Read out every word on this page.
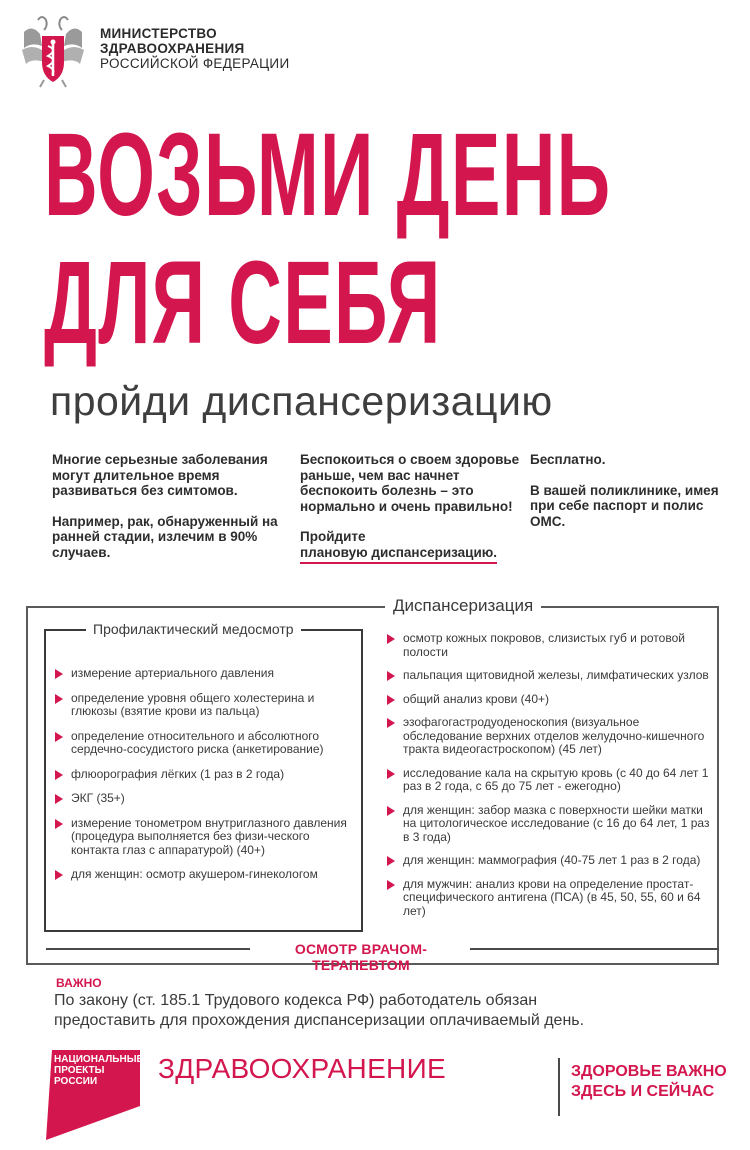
МИНИСТЕРСТВО
ЗДРАВООХРАНЕНИЯ
РОССИЙСКОЙ ФЕДЕРАЦИИ
ВОЗЬМИ ДЕНЬ
ДЛЯ СЕБЯ
пройди диспансеризацию

Многие серьезные заболевания могут длительное время развиваться без симтомов.

Например, рак, обнаруженный на ранней стадии, излечим в 90% случаев.

Беспокоиться о своем здоровье раньше, чем вас начнет беспокоить болезнь – это нормально и очень правильно!

Пройдите
плановую диспансеризацию.

Бесплатно.

В вашей поликлинике, имея при себе паспорт и полис ОМС.

Диспансеризация
Профилактический медосмотр
измерение артериального давления
определение уровня общего холестерина и глюкозы (взятие крови из пальца)
определение относительного и абсолютного сердечно-сосудистого риска (анкетирование)
флюорография лёгких (1 раз в 2 года)
ЭКГ (35+)
измерение тонометром внутриглазного давления (процедура выполняется без физи-ческого контакта глаз с аппаратурой) (40+)
для женщин: осмотр акушером-гинекологом
осмотр кожных покровов, слизистых губ и ротовой полости
пальпация щитовидной железы, лимфатических узлов
общий анализ крови (40+)
эзофагогастродуоденоскопия (визуальное обследование верхних отделов желудочно-кишечного тракта видеогастроскопом) (45 лет)
исследование кала на скрытую кровь (с 40 до 64 лет 1 раз в 2 года, с 65 до 75 лет - ежегодно)
для женщин: забор мазка с поверхности шейки матки на цитологическое исследование (с 16 до 64 лет, 1 раз в 3 года)
для женщин: маммография (40-75 лет 1 раз в 2 года)
для мужчин: анализ крови на определение простат-специфического антигена (ПСА) (в 45, 50, 55, 60 и 64 лет)
ОСМОТР ВРАЧОМ-ТЕРАПЕВТОМ
ВАЖНО
По закону (ст. 185.1 Трудового кодекса РФ) работодатель обязан предоставить для прохождения диспансеризации оплачиваемый день.
НАЦИОНАЛЬНЫЕ
ПРОЕКТЫ
РОССИИ	ЗДРАВООХРАНЕНИЕ	ЗДОРОВЬЕ ВАЖНО
ЗДЕСЬ И СЕЙЧАС
